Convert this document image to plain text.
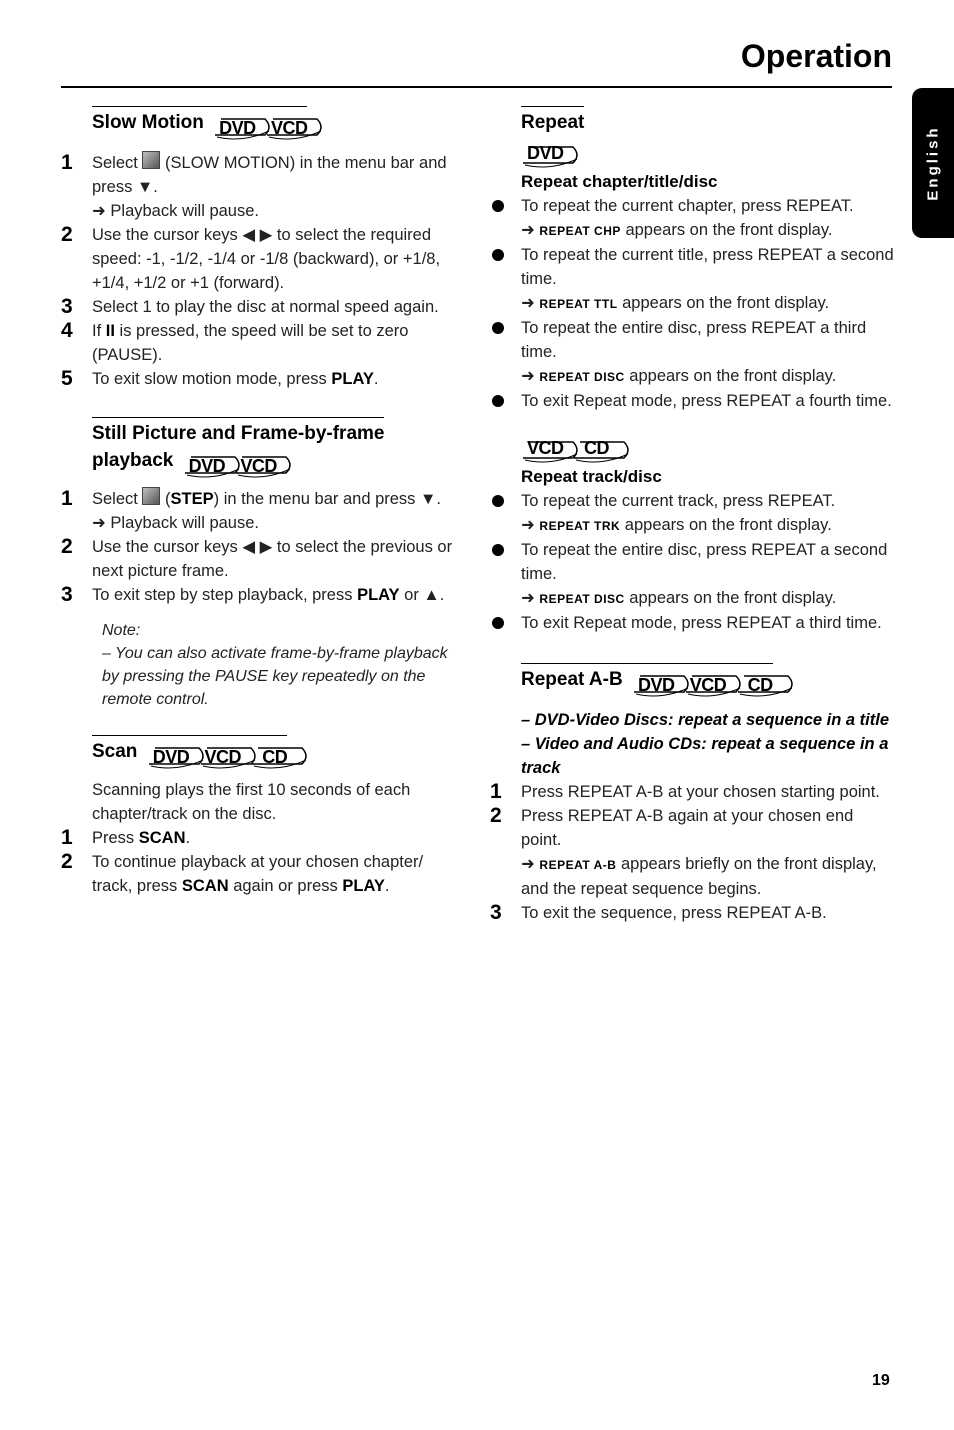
Operation
English
Slow Motion DVD VCD
1 Select  (SLOW MOTION) in the menu bar and press ▼.
➜ Playback will pause.
2 Use the cursor keys ◀ ▶ to select the required speed: -1, -1/2, -1/4 or -1/8 (backward), or +1/8, +1/4, +1/2 or +1 (forward).
3 Select 1 to play the disc at normal speed again.
4 If II is pressed, the speed will be set to zero (PAUSE).
5 To exit slow motion mode, press PLAY.
Still Picture and Frame-by-frame
playback DVD VCD
1 Select  (STEP) in the menu bar and press ▼.
➜ Playback will pause.
2 Use the cursor keys ◀ ▶ to select the previous or next picture frame.
3 To exit step by step playback, press PLAY or ▲.
Note:
– You can also activate frame-by-frame playback by pressing the PAUSE key repeatedly on the remote control.
Scan DVD VCD CD
Scanning plays the first 10 seconds of each chapter/track on the disc.
1 Press SCAN.
2 To continue playback at your chosen chapter/ track, press SCAN again or press PLAY.
Repeat
DVD
Repeat chapter/title/disc
To repeat the current chapter, press REPEAT.
➜ REPEAT CHP appears on the front display.
To repeat the current title, press REPEAT a second time.
➜ REPEAT TTL appears on the front display.
To repeat the entire disc, press REPEAT a third time.
➜ REPEAT DISC appears on the front display.
To exit Repeat mode, press REPEAT a fourth time.
VCD CD
Repeat track/disc
To repeat the current track, press REPEAT.
➜ REPEAT TRK appears on the front display.
To repeat the entire disc, press REPEAT a second time.
➜ REPEAT DISC appears on the front display.
To exit Repeat mode, press REPEAT a third time.
Repeat A-B DVD VCD CD
– DVD-Video Discs: repeat a sequence in a title
– Video and Audio CDs: repeat a sequence in a track
1 Press REPEAT A-B at your chosen starting point.
2 Press REPEAT A-B again at your chosen end point.
➜ REPEAT A-B appears briefly on the front display, and the repeat sequence begins.
3 To exit the sequence, press REPEAT A-B.
19
